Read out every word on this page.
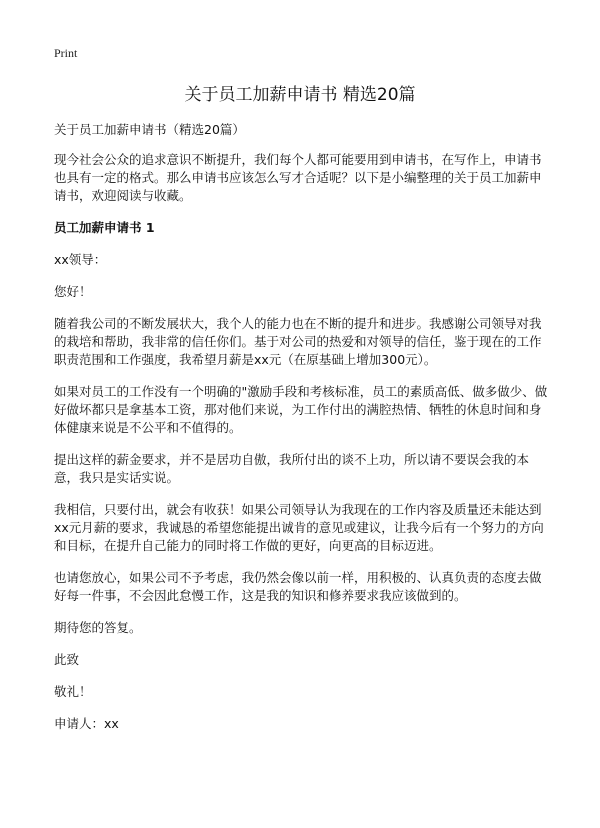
Print
关于员工加薪申请书 精选20篇

关于员工加薪申请书（精选20篇）

现今社会公众的追求意识不断提升，我们每个人都可能要用到申请书，在写作上，申请书也具有一定的格式。那么申请书应该怎么写才合适呢？以下是小编整理的关于员工加薪申请书，欢迎阅读与收藏。

员工加薪申请书 1

xx领导：

您好！

随着我公司的不断发展状大，我个人的能力也在不断的提升和进步。我感谢公司领导对我的栽培和帮助，我非常的信任你们。基于对公司的热爱和对领导的信任，鉴于现在的工作职责范围和工作强度，我希望月薪是xx元（在原基础上增加300元）。

如果对员工的工作没有一个明确的"激励手段和考核标准，员工的素质高低、做多做少、做好做坏都只是拿基本工资，那对他们来说，为工作付出的满腔热情、牺牲的休息时间和身体健康来说是不公平和不值得的。

提出这样的薪金要求，并不是居功自傲，我所付出的谈不上功，所以请不要误会我的本意，我只是实话实说。

我相信，只要付出，就会有收获！如果公司领导认为我现在的工作内容及质量还未能达到xx元月薪的要求，我诚恳的希望您能提出诚肯的意见或建议，让我今后有一个努力的方向和目标，在提升自己能力的同时将工作做的更好，向更高的目标迈进。

也请您放心，如果公司不予考虑，我仍然会像以前一样，用积极的、认真负责的态度去做好每一件事，不会因此怠慢工作，这是我的知识和修养要求我应该做到的。

期待您的答复。

此致

敬礼！

申请人：xx
